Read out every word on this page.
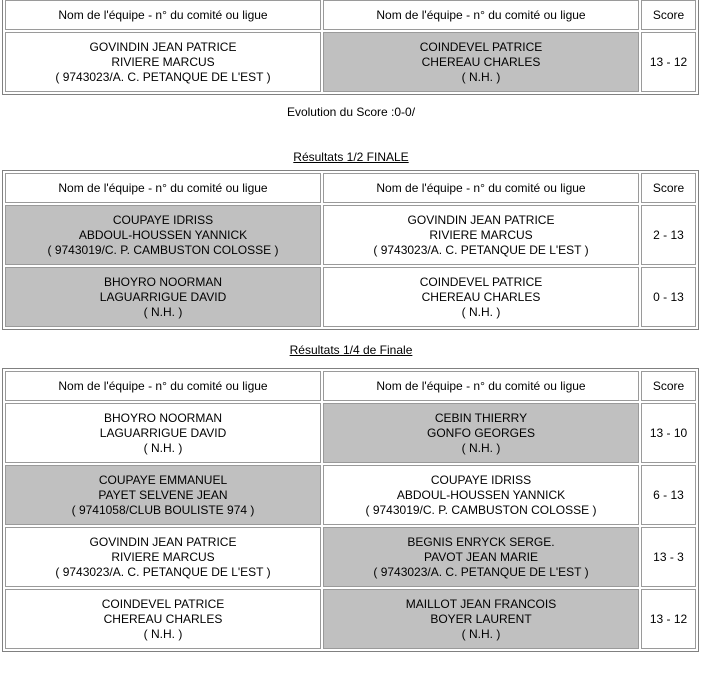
Nom de l'équipe - n° du comité ou ligue	Nom de l'équipe - n° du comité ou ligue	Score

GOVINDIN JEAN PATRICE
RIVIERE MARCUS
( 9743023/A. C. PETANQUE DE L'EST )	COINDEVEL PATRICE
CHEREAU CHARLES
( N.H. )	13 - 12
Evolution du Score :0-0/
Résultats 1/2 FINALE
Nom de l'équipe - n° du comité ou ligue	Nom de l'équipe - n° du comité ou ligue	Score

COUPAYE IDRISS
ABDOUL-HOUSSEN YANNICK
( 9743019/C. P. CAMBUSTON COLOSSE )	GOVINDIN JEAN PATRICE
RIVIERE MARCUS
( 9743023/A. C. PETANQUE DE L'EST )	2 - 13

BHOYRO NOORMAN
LAGUARRIGUE DAVID
( N.H. )	COINDEVEL PATRICE
CHEREAU CHARLES
( N.H. )	0 - 13
Résultats 1/4 de Finale
Nom de l'équipe - n° du comité ou ligue	Nom de l'équipe - n° du comité ou ligue	Score

BHOYRO NOORMAN
LAGUARRIGUE DAVID
( N.H. )	CEBIN THIERRY
GONFO GEORGES
( N.H. )	13 - 10

COUPAYE EMMANUEL
PAYET SELVENE JEAN
( 9741058/CLUB BOULISTE 974 )	COUPAYE IDRISS
ABDOUL-HOUSSEN YANNICK
( 9743019/C. P. CAMBUSTON COLOSSE )	6 - 13

GOVINDIN JEAN PATRICE
RIVIERE MARCUS
( 9743023/A. C. PETANQUE DE L'EST )	BEGNIS ENRYCK SERGE.
PAVOT JEAN MARIE
( 9743023/A. C. PETANQUE DE L'EST )	13 - 3

COINDEVEL PATRICE
CHEREAU CHARLES
( N.H. )	MAILLOT JEAN FRANCOIS
BOYER LAURENT
( N.H. )	13 - 12
